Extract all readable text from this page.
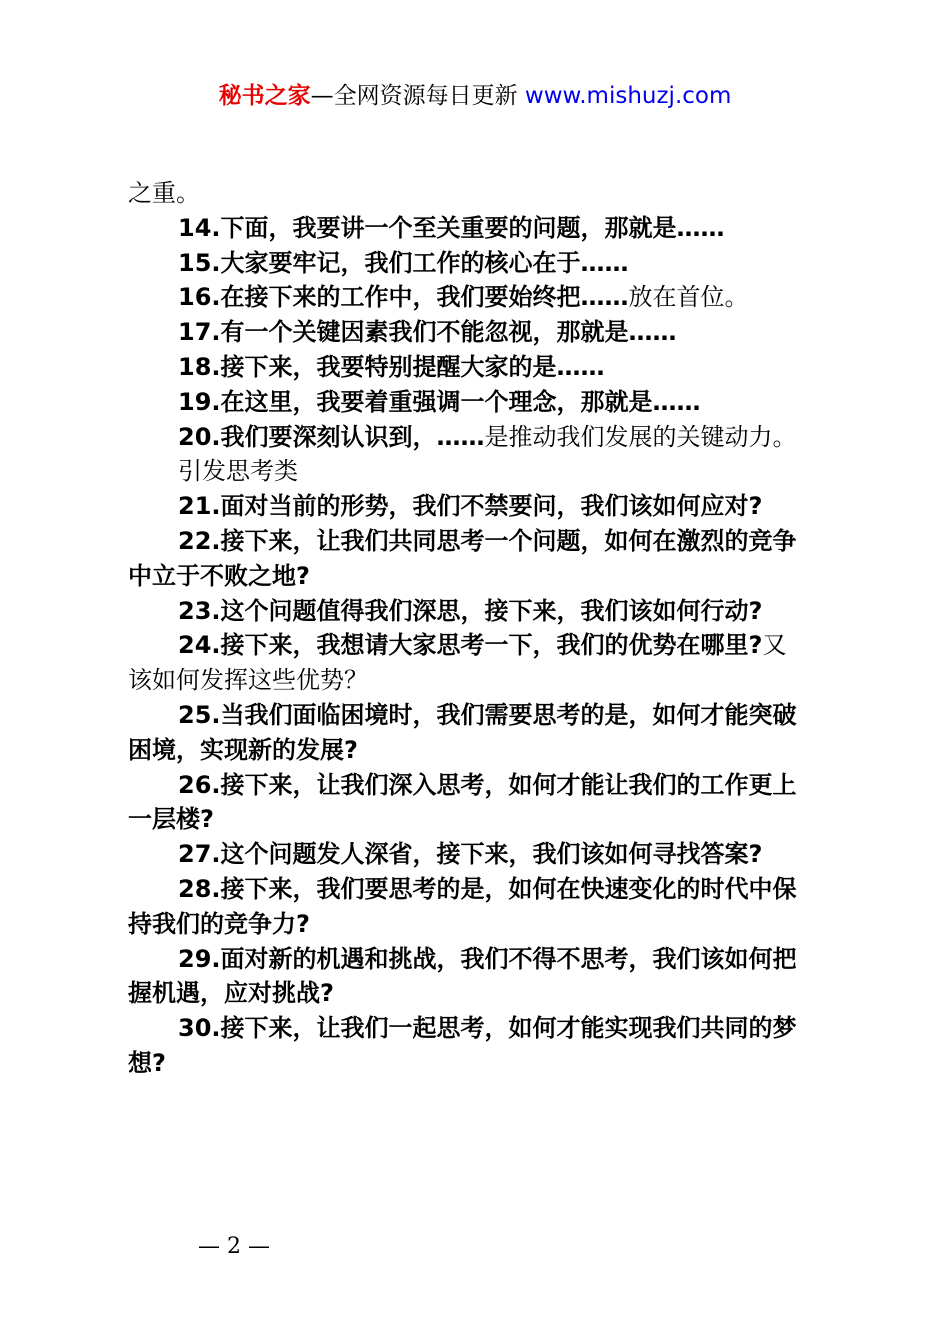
秘书之家—全网资源每日更新 www.mishuzj.com
之重。
14.下面，我要讲一个至关重要的问题，那就是……
15.大家要牢记，我们工作的核心在于……
16.在接下来的工作中，我们要始终把……放在首位。
17.有一个关键因素我们不能忽视，那就是……
18.接下来，我要特别提醒大家的是……
19.在这里，我要着重强调一个理念，那就是……
20.我们要深刻认识到，……是推动我们发展的关键动力。
引发思考类
21.面对当前的形势，我们不禁要问，我们该如何应对?
22.接下来，让我们共同思考一个问题，如何在激烈的竞争
中立于不败之地?
23.这个问题值得我们深思，接下来，我们该如何行动?
24.接下来，我想请大家思考一下，我们的优势在哪里?又
该如何发挥这些优势？
25.当我们面临困境时，我们需要思考的是，如何才能突破
困境，实现新的发展?
26.接下来，让我们深入思考，如何才能让我们的工作更上
一层楼?
27.这个问题发人深省，接下来，我们该如何寻找答案?
28.接下来，我们要思考的是，如何在快速变化的时代中保
持我们的竞争力?
29.面对新的机遇和挑战，我们不得不思考，我们该如何把
握机遇，应对挑战?
30.接下来，让我们一起思考，如何才能实现我们共同的梦
想?
— 2 —
